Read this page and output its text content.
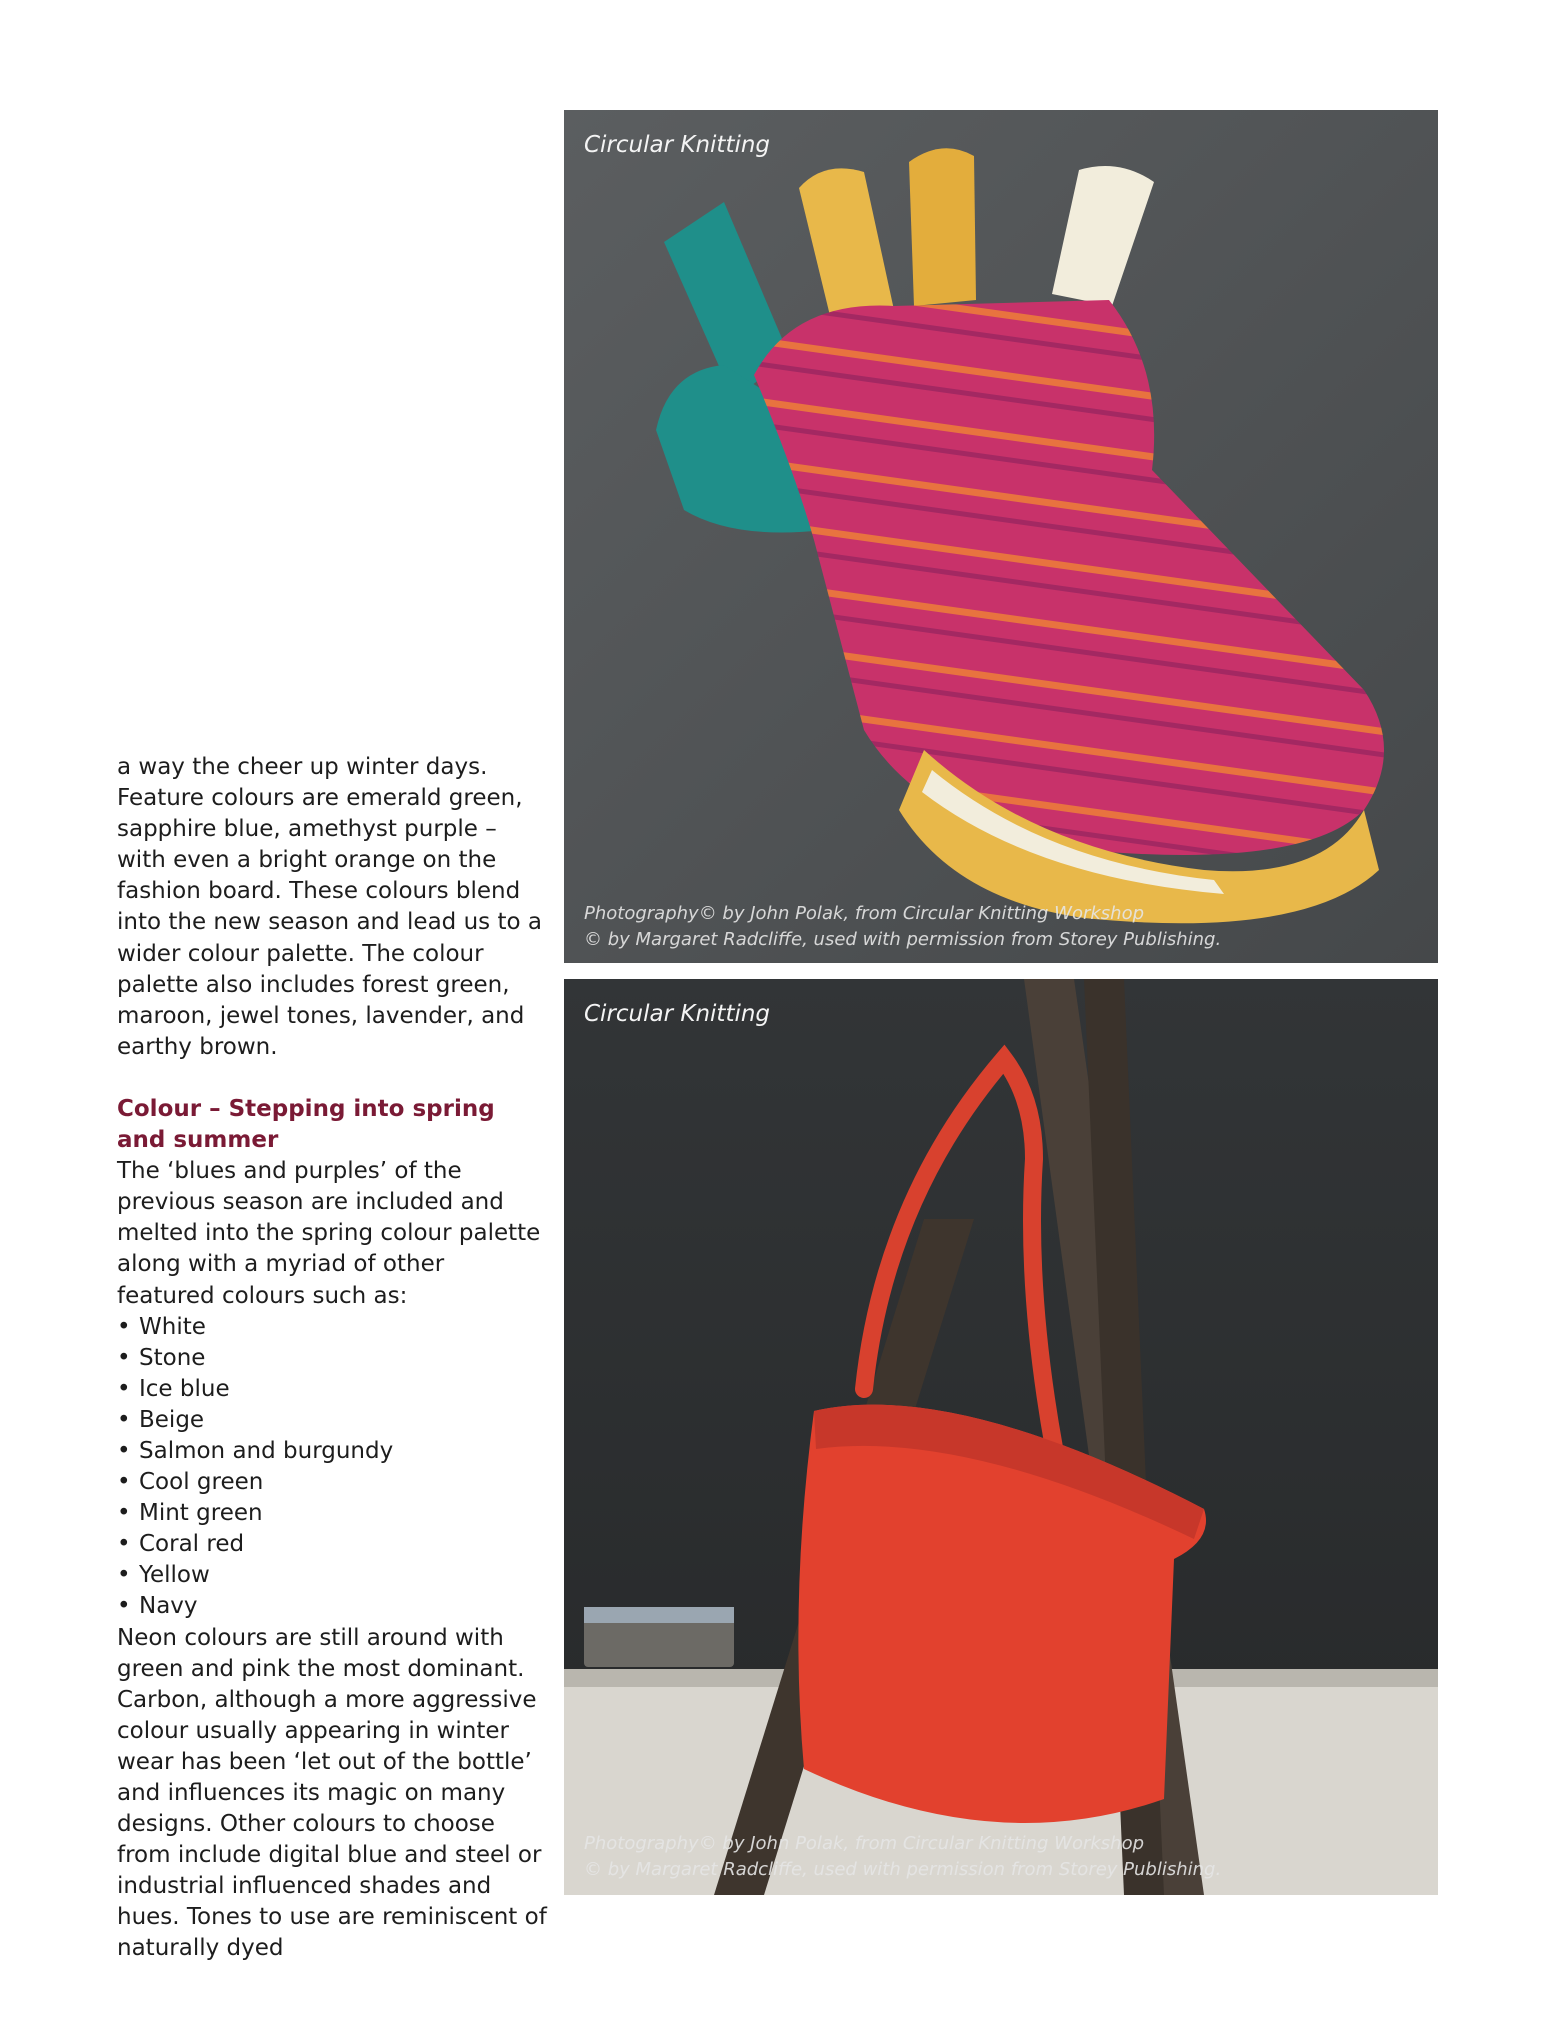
a way the cheer up winter days. Feature colours are emerald green, sapphire blue, amethyst purple – with even a bright orange on the fashion board. These colours blend into the new season and lead us to a wider colour palette. The colour palette also includes forest green, maroon, jewel tones, lavender, and earthy brown.

Colour – Stepping into spring and summer

The ‘blues and purples’ of the previous season are included and melted into the spring colour palette along with a myriad of other featured colours such as:

• White
• Stone
• Ice blue
• Beige
• Salmon and burgundy
• Cool green
• Mint green
• Coral red
• Yellow
• Navy

Neon colours are still around with green and pink the most dominant. Carbon, although a more aggressive colour usually appearing in winter wear has been ‘let out of the bottle’ and influences its magic on many designs. Other colours to choose from include digital blue and steel or industrial influenced shades and hues. Tones to use are reminiscent of naturally dyed

Circular Knitting
Photography© by John Polak, from Circular Knitting Workshop
© by Margaret Radcliffe, used with permission from Storey Publishing.
Circular Knitting
Photography© by John Polak, from Circular Knitting Workshop
© by Margaret Radcliffe, used with permission from Storey Publishing.
